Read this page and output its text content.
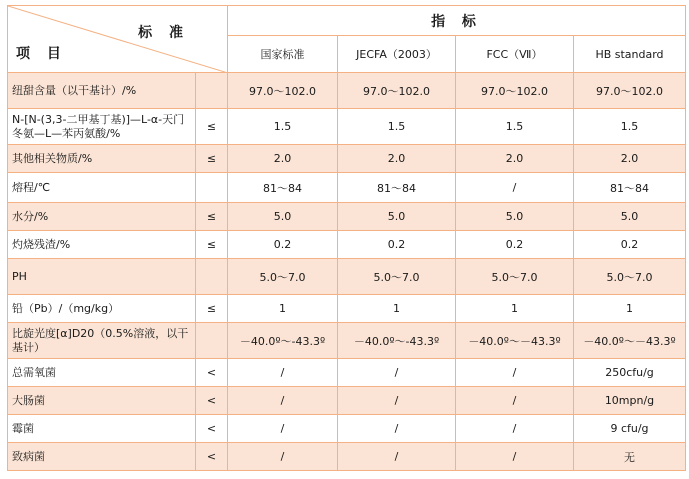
标 准
项 目		指 标			
		国家标准	JECFA（2003）	FCC（Ⅶ）	HB standard
纽甜含量（以干基计）/%		97.0～102.0	97.0～102.0	97.0～102.0	97.0～102.0
N-[N-(3,3-二甲基丁基)]—L-α-天门冬氨—L—苯丙氨酸/%	≤	1.5	1.5	1.5	1.5
其他相关物质/%	≤	2.0	2.0	2.0	2.0
熔程/℃		81～84	81～84	/	81～84
水分/%	≤	5.0	5.0	5.0	5.0
灼烧残渣/%	≤	0.2	0.2	0.2	0.2
PH		5.0～7.0	5.0～7.0	5.0～7.0	5.0～7.0
铅（Pb）/（mg/kg）	≤	1	1	1	1
比旋光度[α]D20（0.5%溶液，以干基计）		－40.0º～-43.3º	－40.0º～-43.3º	－40.0º～－43.3º	－40.0º～－43.3º
总需氧菌	<	/	/	/	250cfu/g
大肠菌	<	/	/	/	10mpn/g
霉菌	<	/	/	/	9 cfu/g
致病菌	<	/	/	/	无
